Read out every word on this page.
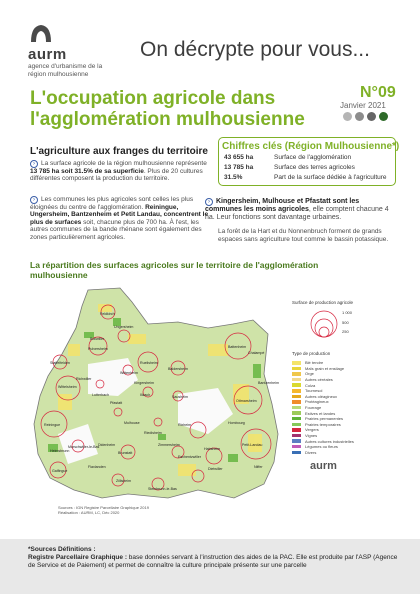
aurm
agence d'urbanisme de la région mulhousienne
On décrypte pour vous...
L'occupation agricole dans l'agglomération mulhousienne
N°09
Janvier 2021
L'agriculture aux franges du territoire
› La surface agricole de la région mulhousienne représente 13 785 ha soit 31.5% de sa superficie. Plus de 20 cultures différentes composent la production du territoire.
› Les communes les plus agricoles sont celles les plus éloignées du centre de l'agglomération. Reiningue, Ungersheim, Bantzenheim et Petit Landau, concentrent le plus de surfaces soit, chacune plus de 700 ha. À l'est, les autres communes de la bande rhénane sont également des zones particulièrement agricoles.
Chiffres clés (Région Mulhousienne*)
43 655 ha	Surface de l'agglomération
13 785 ha	Surface des terres agricoles
31.5%	Part de la surface dédiée à l'agriculture
› Kingersheim, Mulhouse et Pfastatt sont les communes les moins agricoles, elle comptent chacune 4 ha. Leur fonctions sont davantage urbaines.
La forêt de la Hart et du Nonnenbruch forment de grands espaces sans agriculture tout comme le bassin potassique.
La répartition des surfaces agricoles sur le territoire de l'agglomération mulhousienne
Feldkirch
Ungersheim
Bollwiller
Pulversheim
Staffelfelden	Ruelisheim
Baldersheim
Wittenheim
Battenheim
Wittelsheim
Kingersheim
Reiningue
Lutterbach
Pfastatt
Illzach	Sausheim
Ottmarsheim
Hombourg
Chalampé
Bantzenheim
Morschwiller-le-Bas
Mulhouse	Rixheim
Habsheim
Petit-Landau
Niffer
Didenheim
Brunstatt
Zimmersheim
Eschentzwiller
Dietwiller
Galfingue
Heimsbrunn
Zillisheim
Flaxlanden
Steinbrunn-le-Bas
Riedisheim
Richwiller
Surface de production agricole
1 000
500
250
Type de production
Blé tendre
Maïs grain et ensilage
Orge
Autres céréales
Colza
Tournesol
Autres oléagineux
Protéagineux
Fourrage
Estives et landes
Prairies permanentes
Prairies temporaires
Vergers
Vignes
Autres cultures industrielles
Légumes ou fleurs
Divers
aurm
Sources : IGN Registre Parcellaire Graphique 2019
Réalisation : AURM, LC, Déc 2020
*Sources Définitions :
Registre Parcellaire Graphique : base données servant à l'instruction des aides de la PAC. Elle est produite par l'ASP (Agence de Service et de Paiement) et permet de connaître la culture principale présente sur une parcelle
